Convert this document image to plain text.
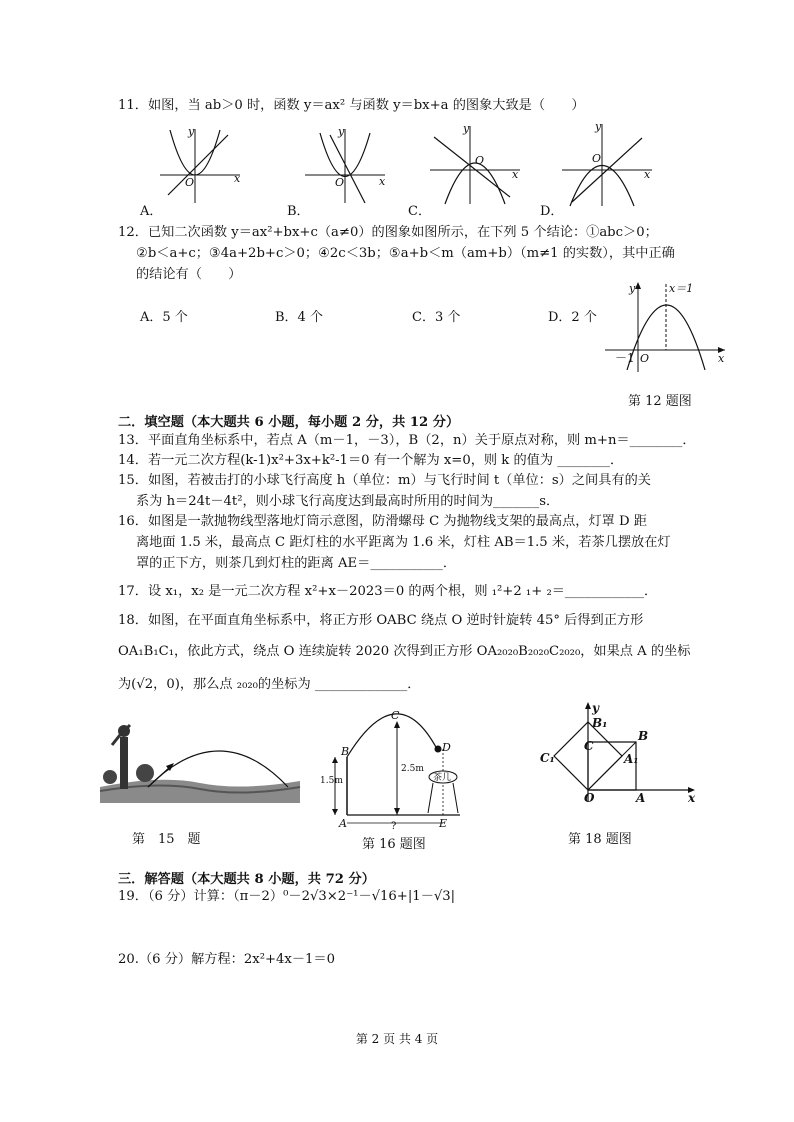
11．如图，当 ab＞0 时，函数 y＝ax² 与函数 y＝bx+a 的图象大致是（　　）
y
x
O
A．
y
x
O
B．
y
x
O
C．
y
x
O
D．
12．已知二次函数 y＝ax²+bx+c（a≠0）的图象如图所示，在下列 5 个结论：①abc＞0；
②b＜a+c；③4a+2b+c＞0；④2c＜3b；⑤a+b＜m（am+b）（m≠1 的实数），其中正确
的结论有（　　）
A．5 个	B．4 个	C．3 个	D．2 个
y
x
x＝1
－1 O
第 12 题图
二．填空题（本大题共 6 小题，每小题 2 分，共 12 分）
13．平面直角坐标系中，若点 A（m－1，－3），B（2，n）关于原点对称，则 m+n＝________．
14．若一元二次方程(k-1)x²+3x+k²-1＝0 有一个解为 x=0，则 k 的值为 ________．
15．如图，若被击打的小球飞行高度 h（单位：m）与飞行时间 t（单位：s）之间具有的关
系为 h＝24t－4t²，则小球飞行高度达到最高时所用的时间为_______s．
16．如图是一款抛物线型落地灯筒示意图，防滑螺母 C 为抛物线支架的最高点，灯罩 D 距
离地面 1.5 米，最高点 C 距灯柱的水平距离为 1.6 米，灯柱 AB＝1.5 米，若茶几摆放在灯
罩的正下方，则茶几到灯柱的距离 AE＝___________．
17．设 x₁，x₂ 是一元二次方程 x²+x－2023＝0 的两个根，则 ₁²+2 ₁+ ₂＝____________．
18．如图，在平面直角坐标系中，将正方形 OABC 绕点 O 逆时针旋转 45° 后得到正方形
OA₁B₁C₁，依此方式，绕点 O 连续旋转 2020 次得到正方形 OA₂₀₂₀B₂₀₂₀C₂₀₂₀，如果点 A 的坐标
为(√2，0)，那么点 ₂₀₂₀的坐标为 ______________．
第　15　题
B
C
D
A	E
1.5m
2.5m
?
茶几
第 16 题图
y
x
O	A
B
C
A₁
B₁
C₁
第 18 题图
三．解答题（本大题共 8 小题，共 72 分）
19．（6 分）计算：（π－2）⁰－2√3×2⁻¹－√16+|1－√3|
20.（6 分）解方程：2x²+4x－1＝0
第 2 页 共 4 页
